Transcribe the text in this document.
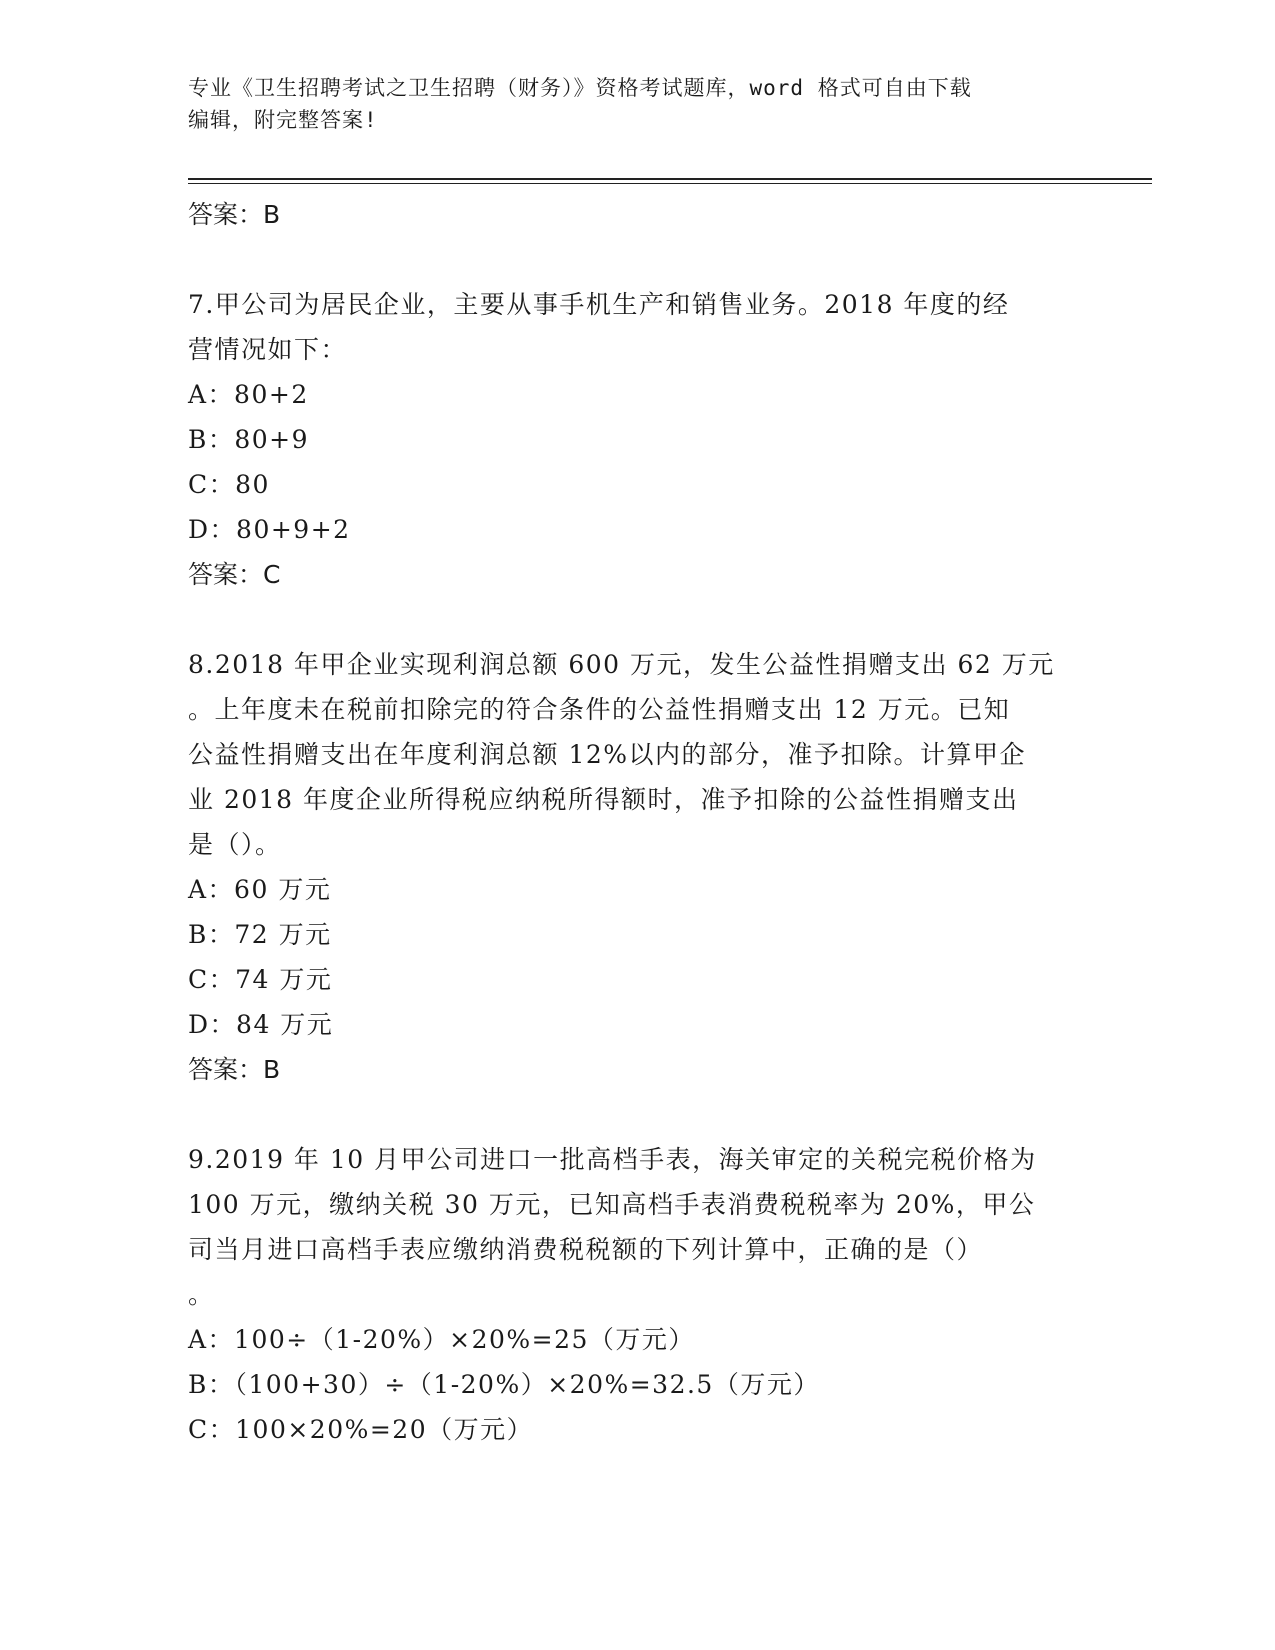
专业《卫生招聘考试之卫生招聘（财务）》资格考试题库，word 格式可自由下载
编辑，附完整答案!
答案：B
7.甲公司为居民企业，主要从事手机生产和销售业务。2018 年度的经
营情况如下：
A：80+2
B：80+9
C：80
D：80+9+2
答案：C
8.2018 年甲企业实现利润总额 600 万元，发生公益性捐赠支出 62 万元
。上年度未在税前扣除完的符合条件的公益性捐赠支出 12 万元。已知
公益性捐赠支出在年度利润总额 12%以内的部分，准予扣除。计算甲企
业 2018 年度企业所得税应纳税所得额时，准予扣除的公益性捐赠支出
是（）。
A：60 万元
B：72 万元
C：74 万元
D：84 万元
答案：B
9.2019 年 10 月甲公司进口一批高档手表，海关审定的关税完税价格为
100 万元，缴纳关税 30 万元，已知高档手表消费税税率为 20%，甲公
司当月进口高档手表应缴纳消费税税额的下列计算中，正确的是（）
。
A：100÷（1-20%）×20%=25（万元）
B：（100+30）÷（1-20%）×20%=32.5（万元）
C：100×20%=20（万元）
